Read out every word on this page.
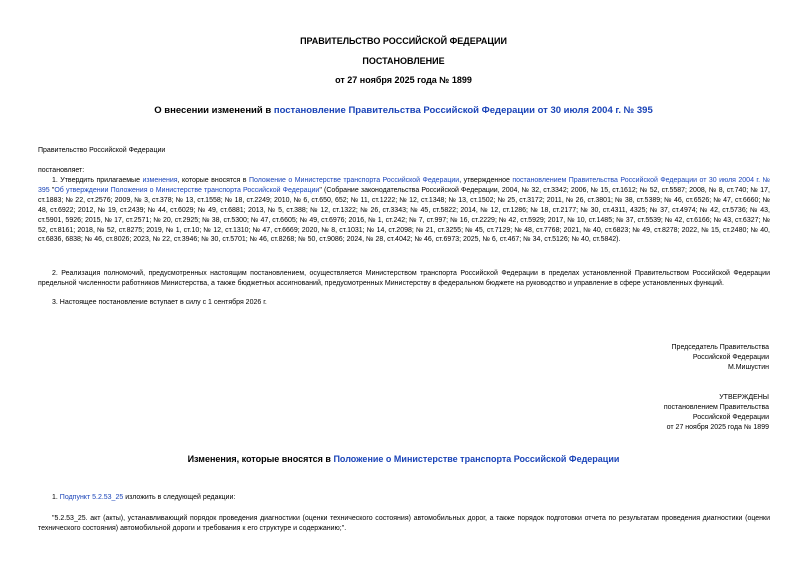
ПРАВИТЕЛЬСТВО РОССИЙСКОЙ ФЕДЕРАЦИИ
ПОСТАНОВЛЕНИЕ
от 27 ноября 2025 года № 1899
О внесении изменений в постановление Правительства Российской Федерации от 30 июля 2004 г. № 395
Правительство Российской Федерации
постановляет:
1. Утвердить прилагаемые изменения, которые вносятся в Положение о Министерстве транспорта Российской Федерации, утвержденное постановлением Правительства Российской Федерации от 30 июля 2004 г. № 395 "Об утверждении Положения о Министерстве транспорта Российской Федерации" (Собрание законодательства Российской Федерации, 2004, № 32, ст.3342; 2006, № 15, ст.1612; № 52, ст.5587; 2008, № 8, ст.740; № 17, ст.1883; № 22, ст.2576; 2009, № 3, ст.378; № 13, ст.1558; № 18, ст.2249; 2010, № 6, ст.650, 652; № 11, ст.1222; № 12, ст.1348; № 13, ст.1502; № 25, ст.3172; 2011, № 26, ст.3801; № 38, ст.5389; № 46, ст.6526; № 47, ст.6660; № 48, ст.6922; 2012, № 19, ст.2439; № 44, ст.6029; № 49, ст.6881; 2013, № 5, ст.388; № 12, ст.1322; № 26, ст.3343; № 45, ст.5822; 2014, № 12, ст.1286; № 18, ст.2177; № 30, ст.4311, 4325; № 37, ст.4974; № 42, ст.5736; № 43, ст.5901, 5926; 2015, № 17, ст.2571; № 20, ст.2925; № 38, ст.5300; № 47, ст.6605; № 49, ст.6976; 2016, № 1, ст.242; № 7, ст.997; № 16, ст.2229; № 42, ст.5929; 2017, № 10, ст.1485; № 37, ст.5539; № 42, ст.6166; № 43, ст.6327; № 52, ст.8161; 2018, № 52, ст.8275; 2019, № 1, ст.10; № 12, ст.1310; № 47, ст.6669; 2020, № 8, ст.1031; № 14, ст.2098; № 21, ст.3255; № 45, ст.7129; № 48, ст.7768; 2021, № 40, ст.6823; № 49, ст.8278; 2022, № 15, ст.2480; № 40, ст.6836, 6838; № 46, ст.8026; 2023, № 22, ст.3946; № 30, ст.5701; № 46, ст.8268; № 50, ст.9086; 2024, № 28, ст.4042; № 46, ст.6973; 2025, № 6, ст.467; № 34, ст.5126; № 40, ст.5842).
2. Реализация полномочий, предусмотренных настоящим постановлением, осуществляется Министерством транспорта Российской Федерации в пределах установленной Правительством Российской Федерации предельной численности работников Министерства, а также бюджетных ассигнований, предусмотренных Министерству в федеральном бюджете на руководство и управление в сфере установленных функций.
3. Настоящее постановление вступает в силу с 1 сентября 2026 г.
Председатель Правительства
Российской Федерации
М.Мишустин
УТВЕРЖДЕНЫ
постановлением Правительства
Российской Федерации
от 27 ноября 2025 года № 1899
Изменения, которые вносятся в Положение о Министерстве транспорта Российской Федерации
1. Подпункт 5.2.53_25 изложить в следующей редакции:
"5.2.53_25. акт (акты), устанавливающий порядок проведения диагностики (оценки технического состояния) автомобильных дорог, а также порядок подготовки отчета по результатам проведения диагностики (оценки технического состояния) автомобильной дороги и требования к его структуре и содержанию;".
